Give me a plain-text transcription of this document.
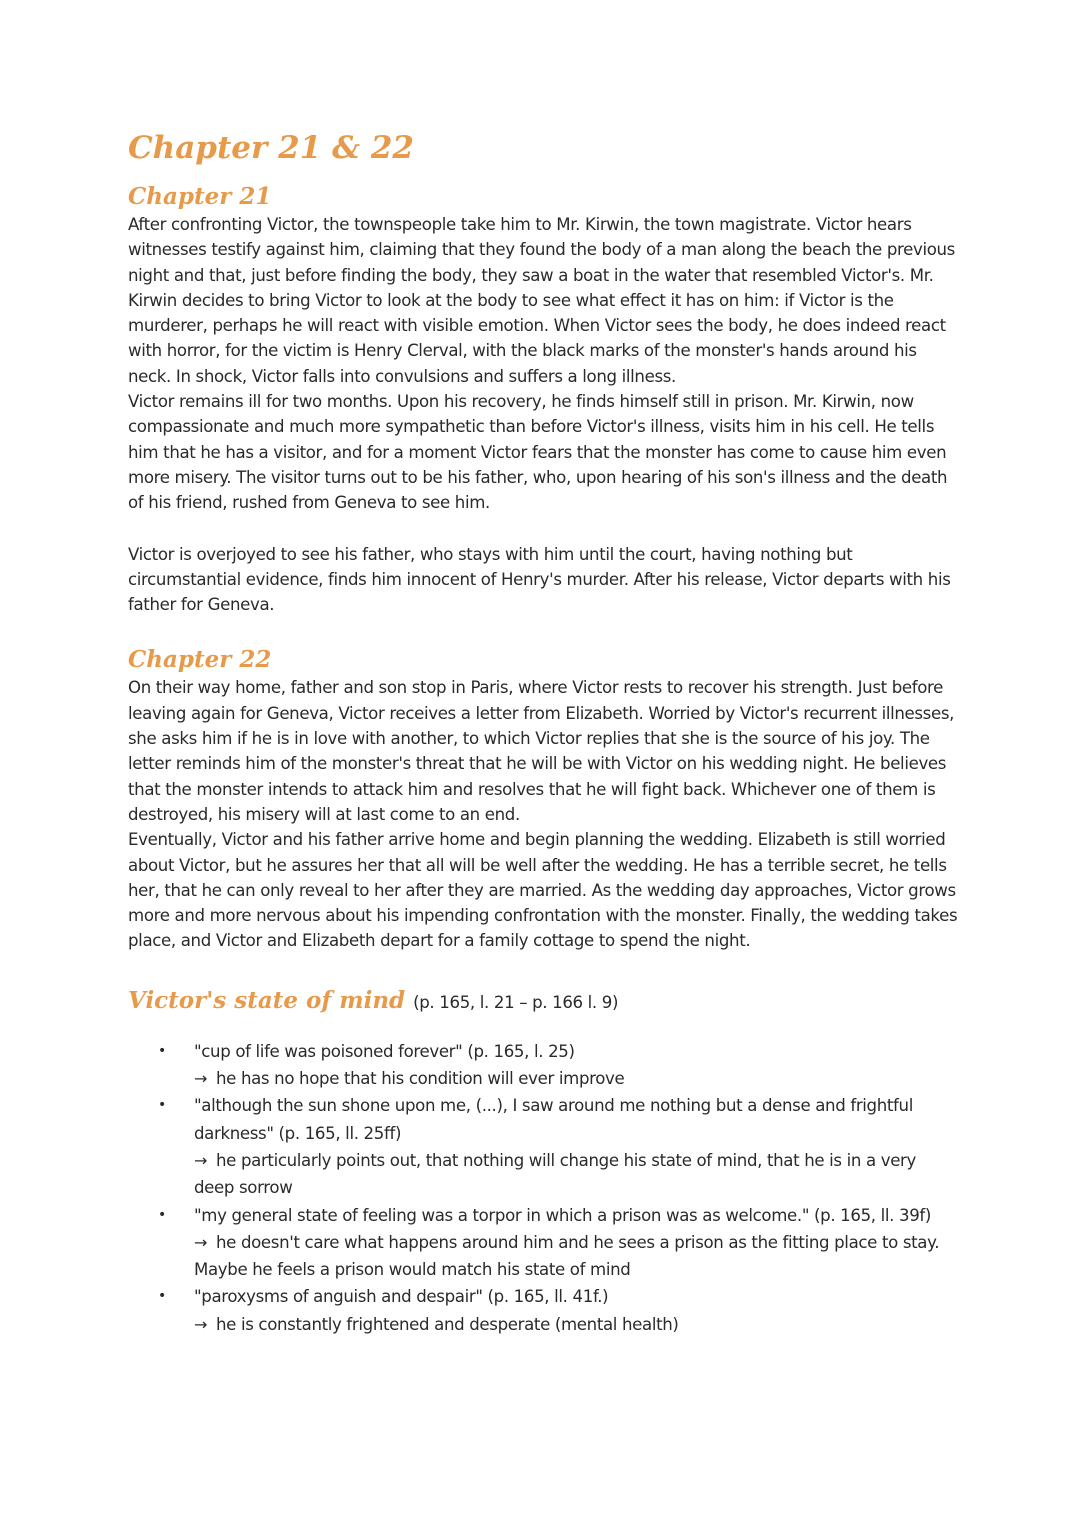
Chapter 21 & 22
Chapter 21

After confronting Victor, the townspeople take him to Mr. Kirwin, the town magistrate. Victor hears witnesses testify against him, claiming that they found the body of a man along the beach the previous night and that, just before finding the body, they saw a boat in the water that resembled Victor's. Mr. Kirwin decides to bring Victor to look at the body to see what effect it has on him: if Victor is the murderer, perhaps he will react with visible emotion. When Victor sees the body, he does indeed react with horror, for the victim is Henry Clerval, with the black marks of the monster's hands around his neck. In shock, Victor falls into convulsions and suffers a long illness.

Victor remains ill for two months. Upon his recovery, he finds himself still in prison. Mr. Kirwin, now compassionate and much more sympathetic than before Victor's illness, visits him in his cell. He tells him that he has a visitor, and for a moment Victor fears that the monster has come to cause him even more misery. The visitor turns out to be his father, who, upon hearing of his son's illness and the death of his friend, rushed from Geneva to see him.

Victor is overjoyed to see his father, who stays with him until the court, having nothing but circumstantial evidence, finds him innocent of Henry's murder. After his release, Victor departs with his father for Geneva.

Chapter 22

On their way home, father and son stop in Paris, where Victor rests to recover his strength. Just before leaving again for Geneva, Victor receives a letter from Elizabeth. Worried by Victor's recurrent illnesses, she asks him if he is in love with another, to which Victor replies that she is the source of his joy. The letter reminds him of the monster's threat that he will be with Victor on his wedding night. He believes that the monster intends to attack him and resolves that he will fight back. Whichever one of them is destroyed, his misery will at last come to an end.

Eventually, Victor and his father arrive home and begin planning the wedding. Elizabeth is still worried about Victor, but he assures her that all will be well after the wedding. He has a terrible secret, he tells her, that he can only reveal to her after they are married. As the wedding day approaches, Victor grows more and more nervous about his impending confrontation with the monster. Finally, the wedding takes place, and Victor and Elizabeth depart for a family cottage to spend the night.

Victor's state of mind (p. 165, l. 21 – p. 166 l. 9)
• "cup of life was poisoned forever" (p. 165, l. 25)
→ he has no hope that his condition will ever improve
• "although the sun shone upon me, (...), I saw around me nothing but a dense and frightful darkness" (p. 165, ll. 25ff)
→ he particularly points out, that nothing will change his state of mind, that he is in a very deep sorrow
• "my general state of feeling was a torpor in which a prison was as welcome." (p. 165, ll. 39f)
→ he doesn't care what happens around him and he sees a prison as the fitting place to stay. Maybe he feels a prison would match his state of mind
• "paroxysms of anguish and despair" (p. 165, ll. 41f.)
→ he is constantly frightened and desperate (mental health)
